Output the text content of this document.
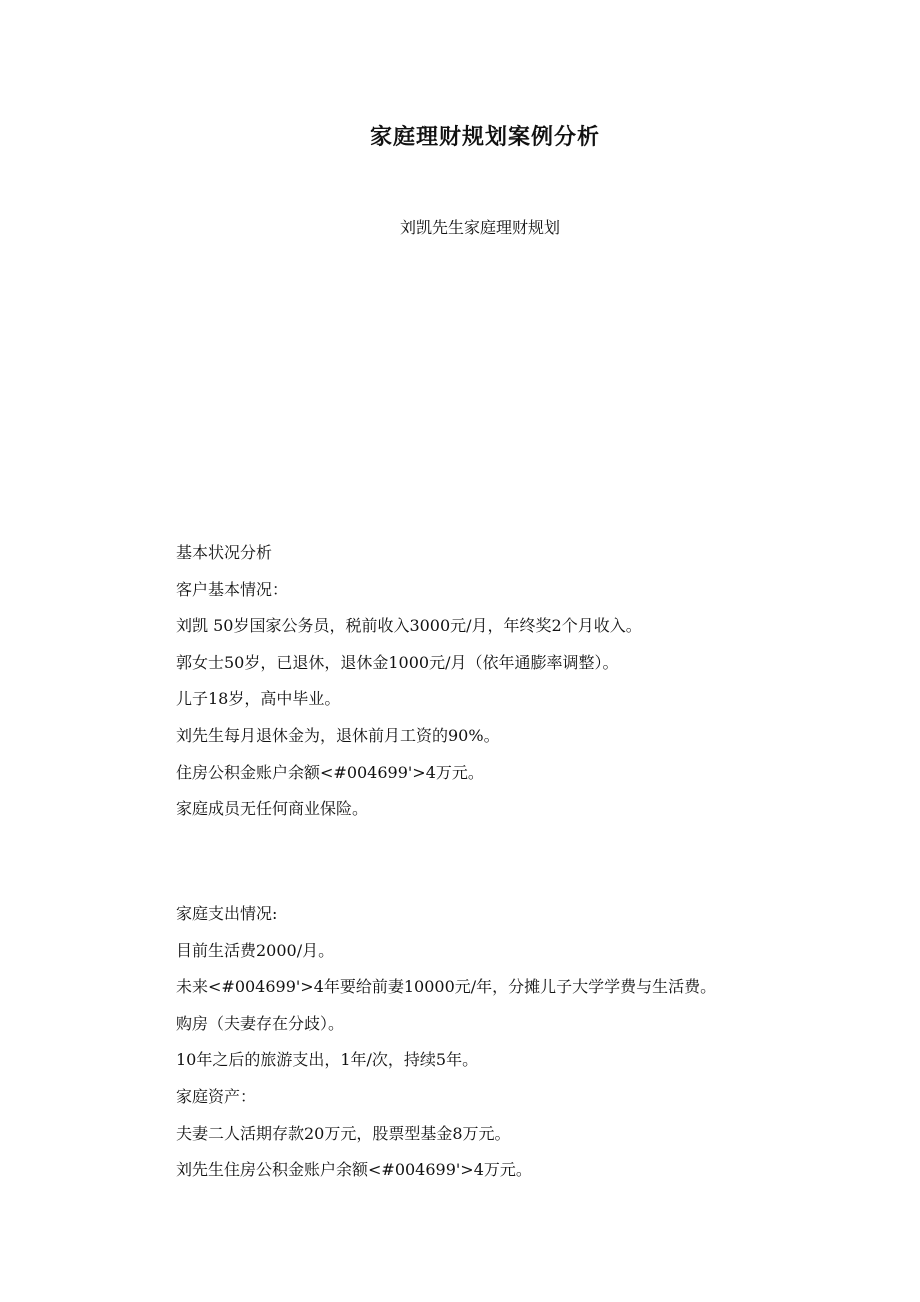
家庭理财规划案例分析
刘凯先生家庭理财规划
基本状况分析
客户基本情况：
刘凯 50岁国家公务员，税前收入3000元/月，年终奖2个月收入。
郭女士50岁，已退休，退休金1000元/月（依年通膨率调整）。
儿子18岁，高中毕业。
刘先生每月退休金为，退休前月工资的90%。
住房公积金账户余额<#004699'>4万元。
家庭成员无任何商业保险。
家庭支出情况:
目前生活费2000/月。
未来<#004699'>4年要给前妻10000元/年，分摊儿子大学学费与生活费。
购房（夫妻存在分歧）。
10年之后的旅游支出，1年/次，持续5年。
家庭资产：
夫妻二人活期存款20万元，股票型基金8万元。
刘先生住房公积金账户余额<#004699'>4万元。
